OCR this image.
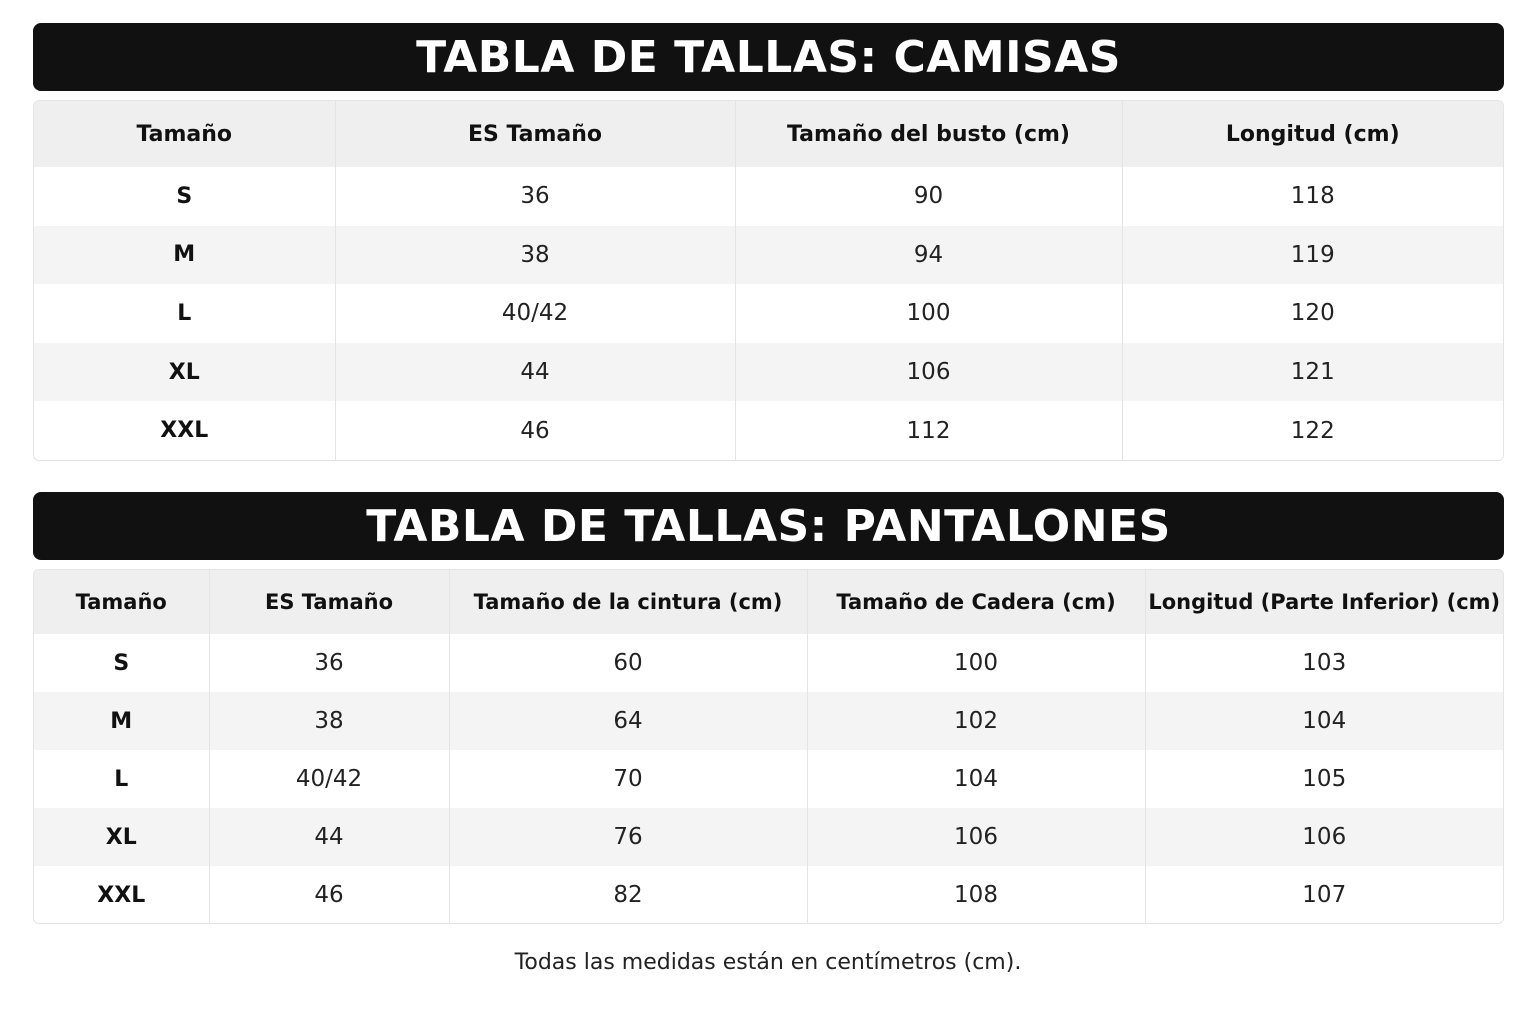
TABLA DE TALLAS: CAMISAS
Tamaño	ES Tamaño	Tamaño del busto (cm)	Longitud (cm)
S	36	90	118
M	38	94	119
L	40/42	100	120
XL	44	106	121
XXL	46	112	122
TABLA DE TALLAS: PANTALONES
Tamaño	ES Tamaño	Tamaño de la cintura (cm)	Tamaño de Cadera (cm)	Longitud (Parte Inferior) (cm)
S	36	60	100	103
M	38	64	102	104
L	40/42	70	104	105
XL	44	76	106	106
XXL	46	82	108	107
Todas las medidas están en centímetros (cm).
